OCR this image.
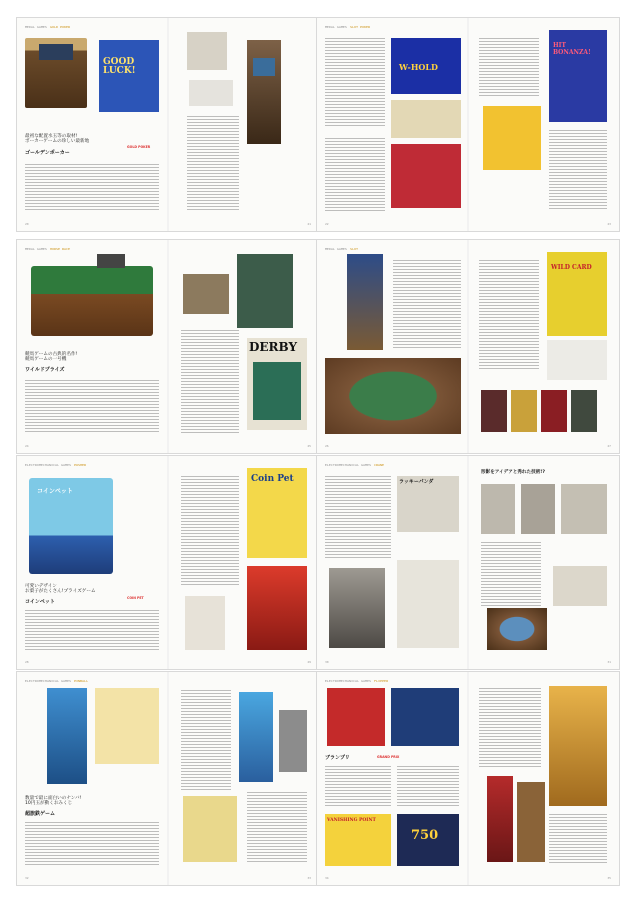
MEDAL GAMES GOLD POKER
GOOD
LUCK!
最初な配置水玉等の取材!
ボーカーゲームの珍しい最新地
ゴールデンポーカー
GOLD POKER
20	21
MEDAL GAMES SLOT POKER
W-HOLD
HIT BONANZA!
22	23
MEDAL GAMES HORSE RACE
競馬ゲームの古典的名作!
競馬ゲームの一号機
ワイルドプライズ
DERBY
24	25
MEDAL GAMES SLOT
WILD CARD
26	27
ELECTROMECHANICAL GAMES PUSHER
コインペット
可愛いデザイン
お菓子がたくさん!プライズゲーム
コインペット
COIN PET
Coin Pet
28	29
ELECTROMECHANICAL GAMES CRANE
ラッキーパンダ
形影をアイデアと秀れた技術!?
30	31
ELECTROMECHANICAL GAMES PINBALL
数量で最に面白いのナンバ!
10円玉が動くおみくじ
超旅鉄ゲーム
32	33
ELECTROMECHANICAL GAMES FLIPPER
ブランプリ	GRAND PRIX
VANISHING POINT
750
34	35
